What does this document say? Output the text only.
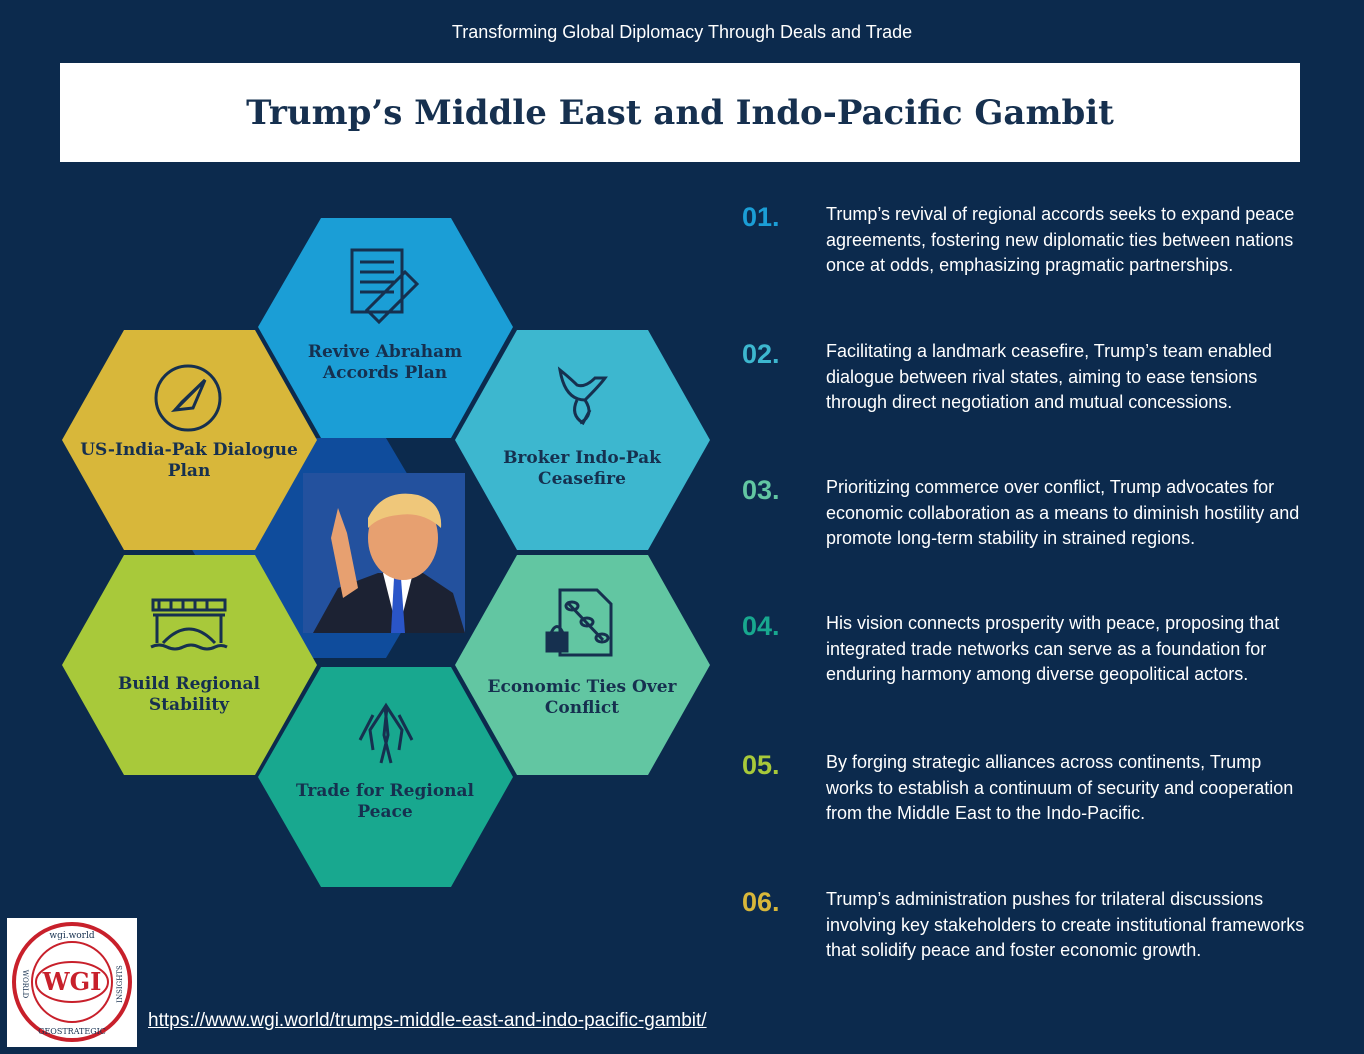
Transforming Global Diplomacy Through Deals and Trade
Trump’s Middle East and Indo-Pacific Gambit
Revive Abraham Accords Plan
Broker Indo-Pak Ceasefire
Economic Ties Over Conflict
Trade for Regional Peace
Build Regional Stability
US-India-Pak Dialogue Plan
01.	Trump’s revival of regional accords seeks to expand peace agreements, fostering new diplomatic ties between nations once at odds, emphasizing pragmatic partnerships.
02.	Facilitating a landmark ceasefire, Trump’s team enabled dialogue between rival states, aiming to ease tensions through direct negotiation and mutual concessions.
03.	Prioritizing commerce over conflict, Trump advocates for economic collaboration as a means to diminish hostility and promote long-term stability in strained regions.
04.	His vision connects prosperity with peace, proposing that integrated trade networks can serve as a foundation for enduring harmony among diverse geopolitical actors.
05.	By forging strategic alliances across continents, Trump works to establish a continuum of security and cooperation from the Middle East to the Indo-Pacific.
06.	Trump’s administration pushes for trilateral discussions involving key stakeholders to create institutional frameworks that solidify peace and foster economic growth.
wgi.world
WGI
GEOSTRATEGIC
WORLD	INSIGHTS
https://www.wgi.world/trumps-middle-east-and-indo-pacific-gambit/
